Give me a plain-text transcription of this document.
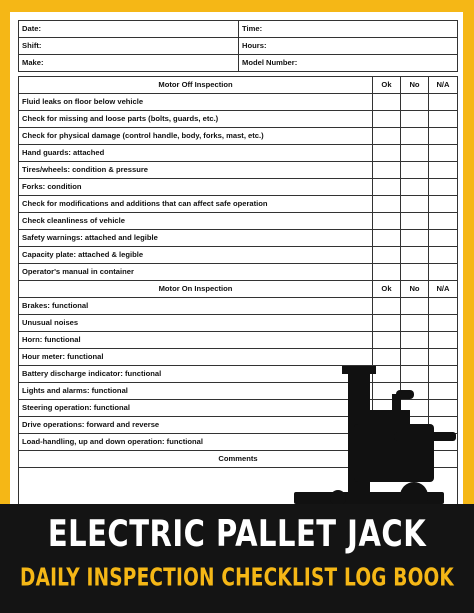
Date:	Time:
Shift:	Hours:
Make:	Model Number:
Motor Off Inspection	Ok	No	N/A
Fluid leaks on floor below vehicle			
Check for missing and loose parts (bolts, guards, etc.)			
Check for physical damage (control handle, body, forks, mast, etc.)			
Hand guards: attached			
Tires/wheels: condition & pressure			
Forks: condition			
Check for modifications and additions that can affect safe operation			
Check cleanliness of vehicle			
Safety warnings: attached and legible			
Capacity plate: attached & legible			
Operator's manual in container			
Motor On Inspection	Ok	No	N/A
Brakes: functional			
Unusual noises			
Horn: functional			
Hour meter: functional			
Battery discharge indicator: functional			
Lights and alarms: functional			
Steering operation: functional			
Drive operations: forward and reverse			
Load-handling, up and down operation: functional			
Comments			

ELECTRIC PALLET JACK
DAILY INSPECTION CHECKLIST LOG BOOK
